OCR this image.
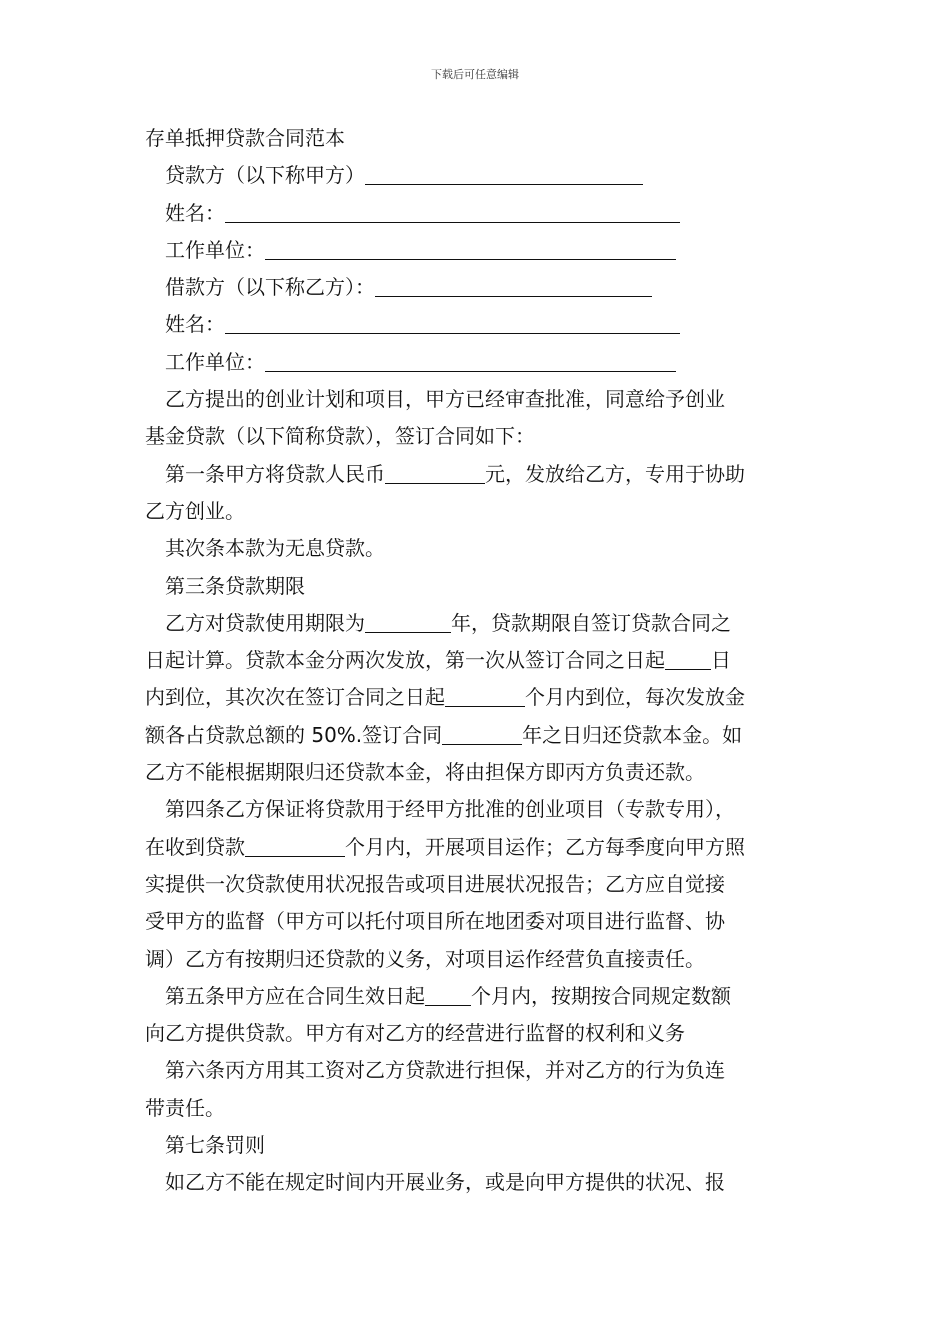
下载后可任意编辑
存单抵押贷款合同范本
贷款方（以下称甲方）
姓名：
工作单位：
借款方（以下称乙方）：
姓名：
工作单位：
乙方提出的创业计划和项目，甲方已经审查批准，同意给予创业
基金贷款（以下简称贷款），签订合同如下：
第一条甲方将贷款人民币	元，发放给乙方，专用于协助
乙方创业。
其次条本款为无息贷款。
第三条贷款期限
乙方对贷款使用期限为	年，贷款期限自签订贷款合同之
日起计算。贷款本金分两次发放，第一次从签订合同之日起 日
内到位，其次次在签订合同之日起	个月内到位，每次发放金
额各占贷款总额的 50%.签订合同	年之日归还贷款本金。如
乙方不能根据期限归还贷款本金，将由担保方即丙方负责还款。
第四条乙方保证将贷款用于经甲方批准的创业项目（专款专用），
在收到贷款	个月内，开展项目运作；乙方每季度向甲方照
实提供一次贷款使用状况报告或项目进展状况报告；乙方应自觉接
受甲方的监督（甲方可以托付项目所在地团委对项目进行监督、协
调）乙方有按期归还贷款的义务，对项目运作经营负直接责任。
第五条甲方应在合同生效日起 个月内，按期按合同规定数额
向乙方提供贷款。甲方有对乙方的经营进行监督的权利和义务
第六条丙方用其工资对乙方贷款进行担保，并对乙方的行为负连
带责任。
第七条罚则
如乙方不能在规定时间内开展业务，或是向甲方提供的状况、报
